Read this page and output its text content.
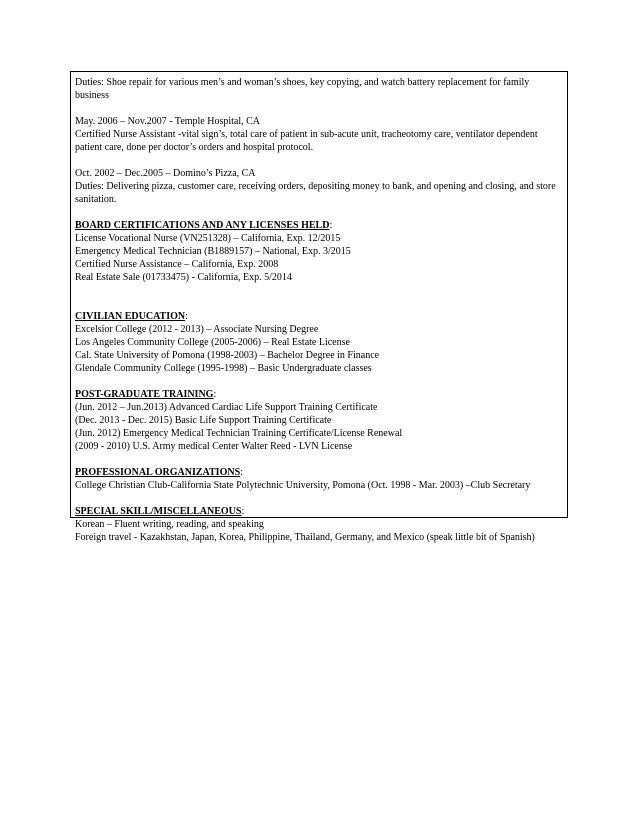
Duties: Shoe repair for various men’s and woman’s shoes, key copying, and watch battery replacement for family business

May. 2006 – Nov.2007 - Temple Hospital, CA

Certified Nurse Assistant -vital sign’s, total care of patient in sub-acute unit, tracheotomy care, ventilator dependent patient care, done per doctor’s orders and hospital protocol.

Oct. 2002 – Dec.2005 – Domino’s Pizza, CA

Duties: Delivering pizza, customer care, receiving orders, depositing money to bank, and opening and closing, and store sanitation.

BOARD CERTIFICATIONS AND ANY LICENSES HELD:
License Vocational Nurse (VN251328) – California, Exp. 12/2015
Emergency Medical Technician (B1889157) – National, Exp. 3/2015
Certified Nurse Assistance – California, Exp. 2008
Real Estate Sale (01733475) - California, Exp. 5/2014

CIVILIAN EDUCATION:
Excelsior College (2012 - 2013) – Associate Nursing Degree
Los Angeles Community College (2005-2006) – Real Estate License
Cal. State University of Pomona (1998-2003) – Bachelor Degree in Finance
Glendale Community College (1995-1998) – Basic Undergraduate classes

POST-GRADUATE TRAINING:
(Jun. 2012 – Jun.2013) Advanced Cardiac Life Support Training Certificate
(Dec. 2013 - Dec. 2015) Basic Life Support Training Certificate
(Jun. 2012) Emergency Medical Technician Training Certificate/License Renewal
(2009 - 2010) U.S. Army medical Center Walter Reed - LVN License

PROFESSIONAL ORGANIZATIONS:
College Christian Club-California State Polytechnic University, Pomona (Oct. 1998 - Mar. 2003) –Club Secretary

SPECIAL SKILL/MISCELLANEOUS:
Korean – Fluent writing, reading, and speaking
Foreign travel - Kazakhstan, Japan, Korea, Philippine, Thailand, Germany, and Mexico (speak little bit of Spanish)
